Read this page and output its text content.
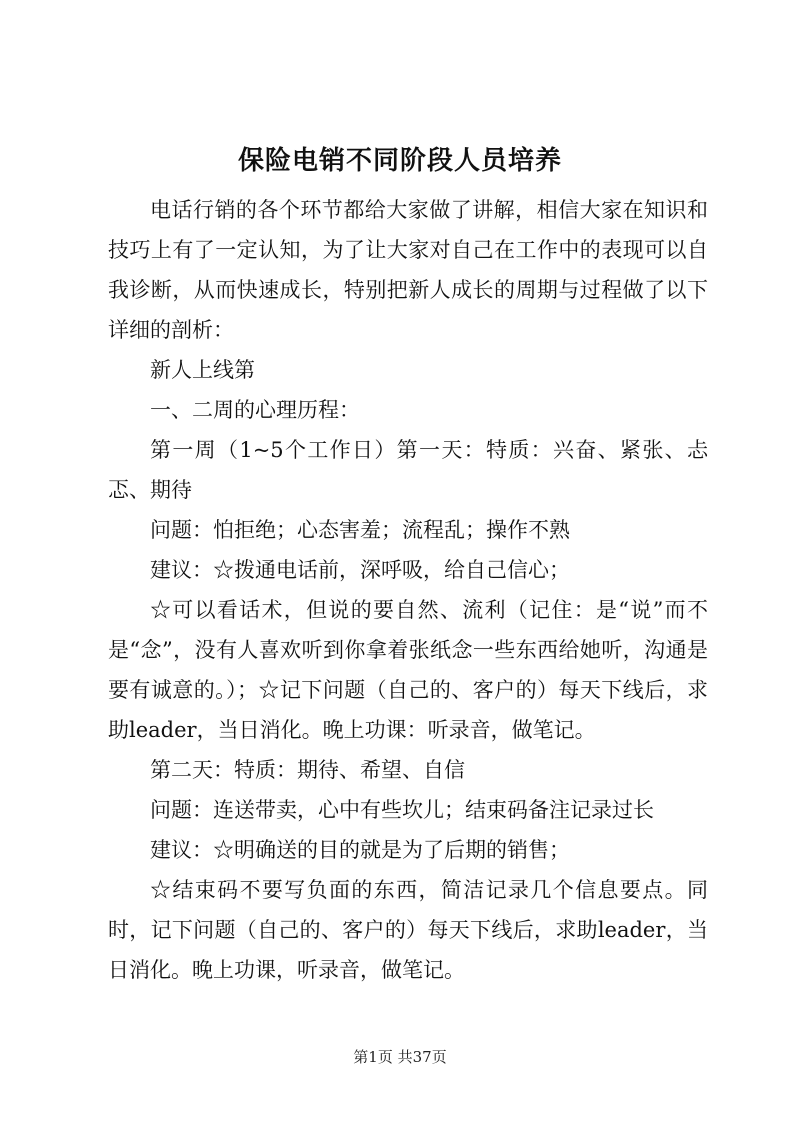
保险电销不同阶段人员培养

电话行销的各个环节都给大家做了讲解，相信大家在知识和技巧上有了一定认知，为了让大家对自己在工作中的表现可以自我诊断，从而快速成长，特别把新人成长的周期与过程做了以下详细的剖析：

新人上线第

一、二周的心理历程：

第一周（1~5个工作日）第一天：特质：兴奋、紧张、忐忑、期待

问题：怕拒绝；心态害羞；流程乱；操作不熟

建议：☆拨通电话前，深呼吸，给自己信心；

☆可以看话术，但说的要自然、流利（记住：是“说”而不是“念”，没有人喜欢听到你拿着张纸念一些东西给她听，沟通是要有诚意的。）；☆记下问题（自己的、客户的）每天下线后，求助leader，当日消化。晚上功课：听录音，做笔记。

第二天：特质：期待、希望、自信

问题：连送带卖，心中有些坎儿；结束码备注记录过长

建议：☆明确送的目的就是为了后期的销售；

☆结束码不要写负面的东西，简洁记录几个信息要点。同时，记下问题（自己的、客户的）每天下线后，求助leader，当日消化。晚上功课，听录音，做笔记。

第1页 共37页
